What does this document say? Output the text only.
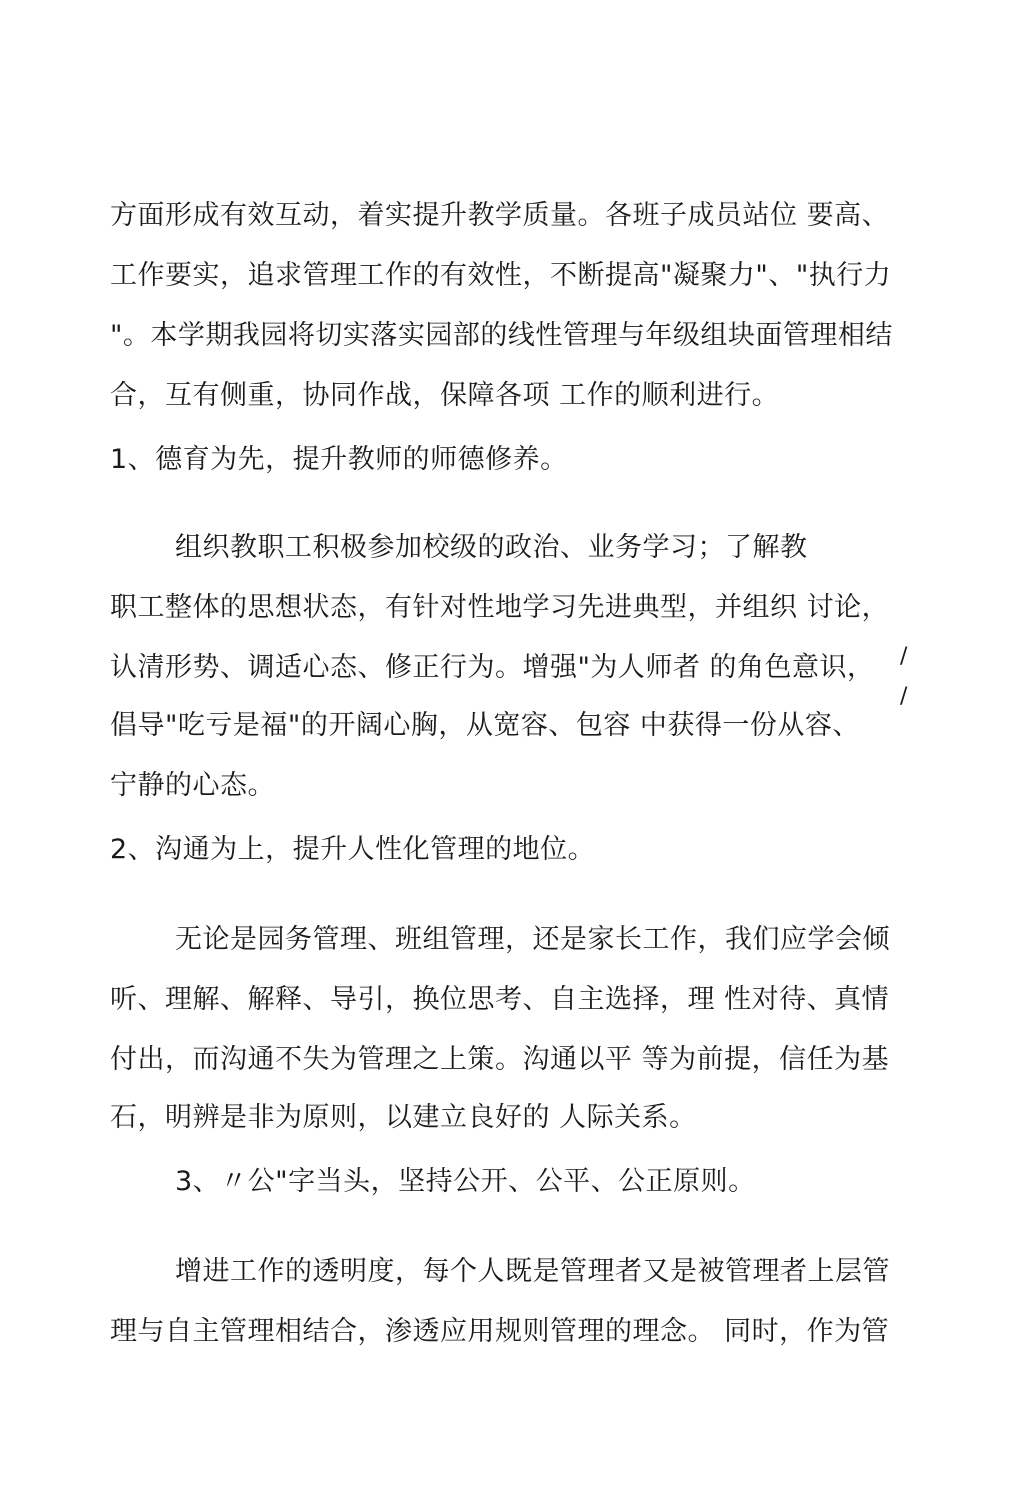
方面形成有效互动，着实提升教学质量。各班子成员站位 要高、
工作要实，追求管理工作的有效性，不断提高"凝聚力"、"执行力
"。本学期我园将切实落实园部的线性管理与年级组块面管理相结
合，互有侧重，协同作战，保障各项 工作的顺利进行。
1、德育为先，提升教师的师德修养。
组织教职工积极参加校级的政治、业务学习；了解教
职工整体的思想状态，有针对性地学习先进典型，并组织 讨论，
认清形势、调适心态、修正行为。增强"为人师者 的角色意识，
倡导"吃亏是福"的开阔心胸，从宽容、包容 中获得一份从容、
宁静的心态。
/
/
2、沟通为上，提升人性化管理的地位。
无论是园务管理、班组管理，还是家长工作，我们应学会倾
听、理解、解释、导引，换位思考、自主选择，理 性对待、真情
付出，而沟通不失为管理之上策。沟通以平 等为前提，信任为基
石，明辨是非为原则，以建立良好的 人际关系。
3、〃公"字当头，坚持公开、公平、公正原则。
增进工作的透明度，每个人既是管理者又是被管理者上层管
理与自主管理相结合，渗透应用规则管理的理念。 同时，作为管
